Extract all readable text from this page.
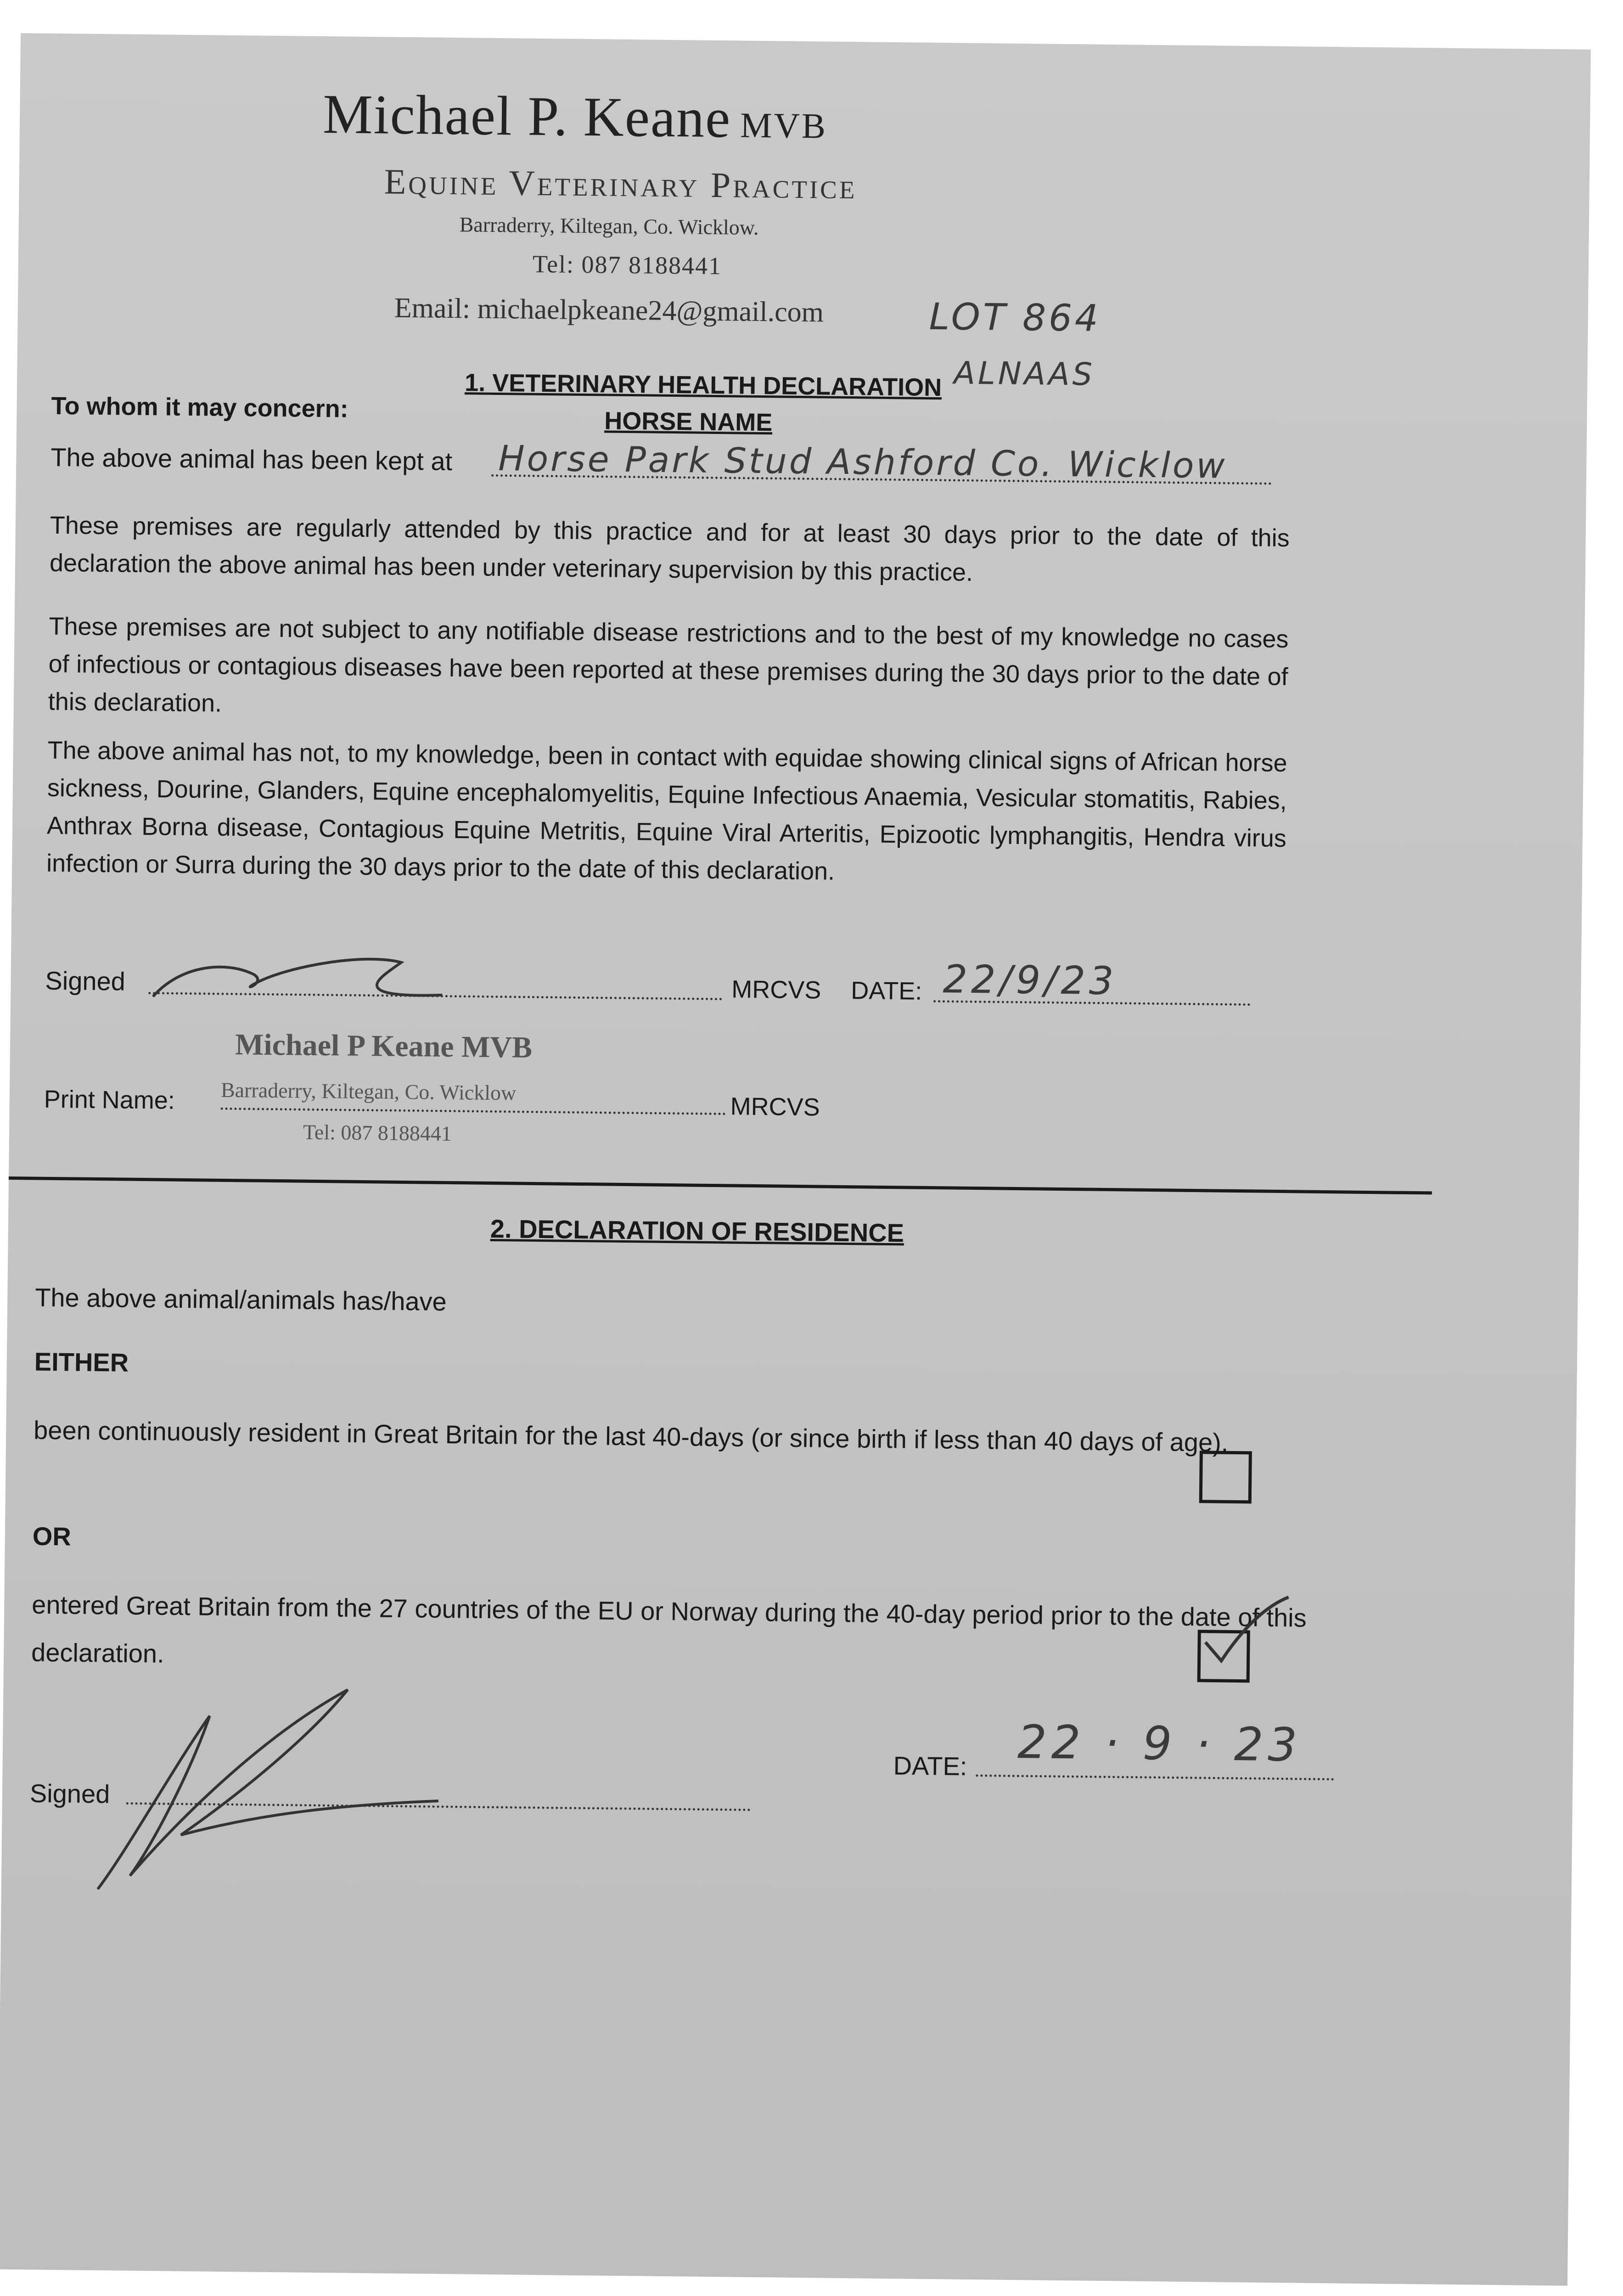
Michael P. Keane MVB
Equine Veterinary Practice
Barraderry, Kiltegan, Co. Wicklow.
Tel: 087 8188441
Email: michaelpkeane24@gmail.com	LOT 864
1. VETERINARY HEALTH DECLARATION
HORSE NAME
ALNAAS
To whom it may concern:
The above animal has been kept at Horse Park Stud Ashford Co. Wicklow
These premises are regularly attended by this practice and for at least 30 days prior to the date of this declaration the above animal has been under veterinary supervision by this practice.
These premises are not subject to any notifiable disease restrictions and to the best of my knowledge no cases of infectious or contagious diseases have been reported at these premises during the 30 days prior to the date of this declaration.
The above animal has not, to my knowledge, been in contact with equidae showing clinical signs of African horse sickness, Dourine, Glanders, Equine encephalomyelitis, Equine Infectious Anaemia, Vesicular stomatitis, Rabies, Anthrax Borna disease, Contagious Equine Metritis, Equine Viral Arteritis, Epizootic lymphangitis, Hendra virus infection or Surra during the 30 days prior to the date of this declaration.
Signed	MRCVS DATE: 22/9/23
Michael P Keane MVB
Print Name: Barraderry, Kiltegan, Co. Wicklow
MRCVS
Tel: 087 8188441
2. DECLARATION OF RESIDENCE
The above animal/animals has/have
EITHER
been continuously resident in Great Britain for the last 40-days (or since birth if less than 40 days of age).
OR
entered Great Britain from the 27 countries of the EU or Norway during the 40-day period prior to the date of this declaration.
Signed
DATE: 22 · 9 · 23
